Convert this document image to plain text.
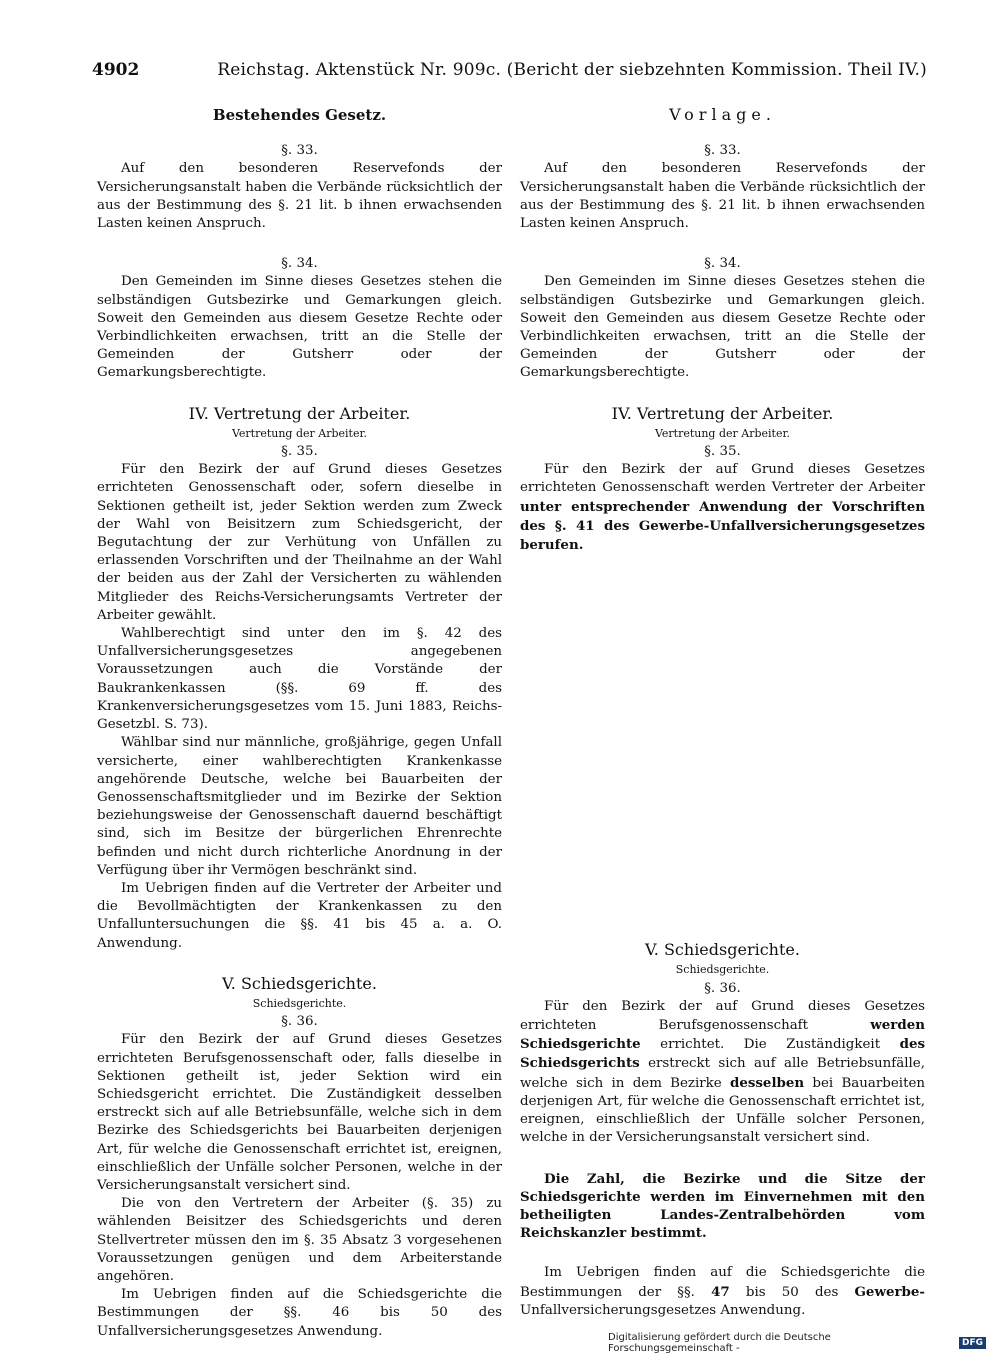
4902	Reichstag. Aktenstück Nr. 909c. (Bericht der siebzehnten Kommission. Theil IV.)
Bestehendes Gesetz.

§. 33.

Auf den besonderen Reservefonds der Versicherungsanstalt haben die Verbände rücksichtlich der aus der Bestimmung des §. 21 lit. b ihnen erwachsenden Lasten keinen Anspruch.

§. 34.

Den Gemeinden im Sinne dieses Gesetzes stehen die selbständigen Gutsbezirke und Gemarkungen gleich. Soweit den Gemeinden aus diesem Gesetze Rechte oder Verbindlichkeiten erwachsen, tritt an die Stelle der Gemeinden der Gutsherr oder der Gemarkungsberechtigte.

IV. Vertretung der Arbeiter.

Vertretung der Arbeiter.

§. 35.

Für den Bezirk der auf Grund dieses Gesetzes errichteten Genossenschaft oder, sofern dieselbe in Sektionen getheilt ist, jeder Sektion werden zum Zweck der Wahl von Beisitzern zum Schiedsgericht, der Begutachtung der zur Verhütung von Unfällen zu erlassenden Vorschriften und der Theilnahme an der Wahl der beiden aus der Zahl der Versicherten zu wählenden Mitglieder des Reichs-Versicherungsamts Vertreter der Arbeiter gewählt.

Wahlberechtigt sind unter den im §. 42 des Unfallversicherungsgesetzes angegebenen Voraussetzungen auch die Vorstände der Baukrankenkassen (§§. 69 ff. des Krankenversicherungsgesetzes vom 15. Juni 1883, Reichs-Gesetzbl. S. 73).

Wählbar sind nur männliche, großjährige, gegen Unfall versicherte, einer wahlberechtigten Krankenkasse angehörende Deutsche, welche bei Bauarbeiten der Genossenschaftsmitglieder und im Bezirke der Sektion beziehungsweise der Genossenschaft dauernd beschäftigt sind, sich im Besitze der bürgerlichen Ehrenrechte befinden und nicht durch richterliche Anordnung in der Verfügung über ihr Vermögen beschränkt sind.

Im Uebrigen finden auf die Vertreter der Arbeiter und die Bevollmächtigten der Krankenkassen zu den Unfalluntersuchungen die §§. 41 bis 45 a. a. O. Anwendung.

V. Schiedsgerichte.

Schiedsgerichte.

§. 36.

Für den Bezirk der auf Grund dieses Gesetzes errichteten Berufsgenossenschaft oder, falls dieselbe in Sektionen getheilt ist, jeder Sektion wird ein Schiedsgericht errichtet. Die Zuständigkeit desselben erstreckt sich auf alle Betriebsunfälle, welche sich in dem Bezirke des Schiedsgerichts bei Bauarbeiten derjenigen Art, für welche die Genossenschaft errichtet ist, ereignen, einschließlich der Unfälle solcher Personen, welche in der Versicherungsanstalt versichert sind.

Die von den Vertretern der Arbeiter (§. 35) zu wählenden Beisitzer des Schiedsgerichts und deren Stellvertreter müssen den im §. 35 Absatz 3 vorgesehenen Voraussetzungen genügen und dem Arbeiterstande angehören.

Im Uebrigen finden auf die Schiedsgerichte die Bestimmungen der §§. 46 bis 50 des Unfallversicherungsgesetzes Anwendung.

Vorlage.

§. 33.

Auf den besonderen Reservefonds der Versicherungsanstalt haben die Verbände rücksichtlich der aus der Bestimmung des §. 21 lit. b ihnen erwachsenden Lasten keinen Anspruch.

§. 34.

Den Gemeinden im Sinne dieses Gesetzes stehen die selbständigen Gutsbezirke und Gemarkungen gleich. Soweit den Gemeinden aus diesem Gesetze Rechte oder Verbindlichkeiten erwachsen, tritt an die Stelle der Gemeinden der Gutsherr oder der Gemarkungsberechtigte.

IV. Vertretung der Arbeiter.

Vertretung der Arbeiter.

§. 35.

Für den Bezirk der auf Grund dieses Gesetzes errichteten Genossenschaft werden Vertreter der Arbeiter unter entsprechender Anwendung der Vorschriften des §. 41 des Gewerbe-Unfallversicherungsgesetzes berufen.

V. Schiedsgerichte.

Schiedsgerichte.

§. 36.

Für den Bezirk der auf Grund dieses Gesetzes errichteten Berufsgenossenschaft werden Schiedsgerichte errichtet. Die Zuständigkeit des Schiedsgerichts erstreckt sich auf alle Betriebsunfälle, welche sich in dem Bezirke desselben bei Bauarbeiten derjenigen Art, für welche die Genossenschaft errichtet ist, ereignen, einschließlich der Unfälle solcher Personen, welche in der Versicherungsanstalt versichert sind.

Die Zahl, die Bezirke und die Sitze der Schiedsgerichte werden im Einvernehmen mit den betheiligten Landes-Zentralbehörden vom Reichskanzler bestimmt.

Im Uebrigen finden auf die Schiedsgerichte die Bestimmungen der §§. 47 bis 50 des Gewerbe-Unfallversicherungsgesetzes Anwendung.

Digitalisierung gefördert durch die Deutsche Forschungsgemeinschaft -	DFG
